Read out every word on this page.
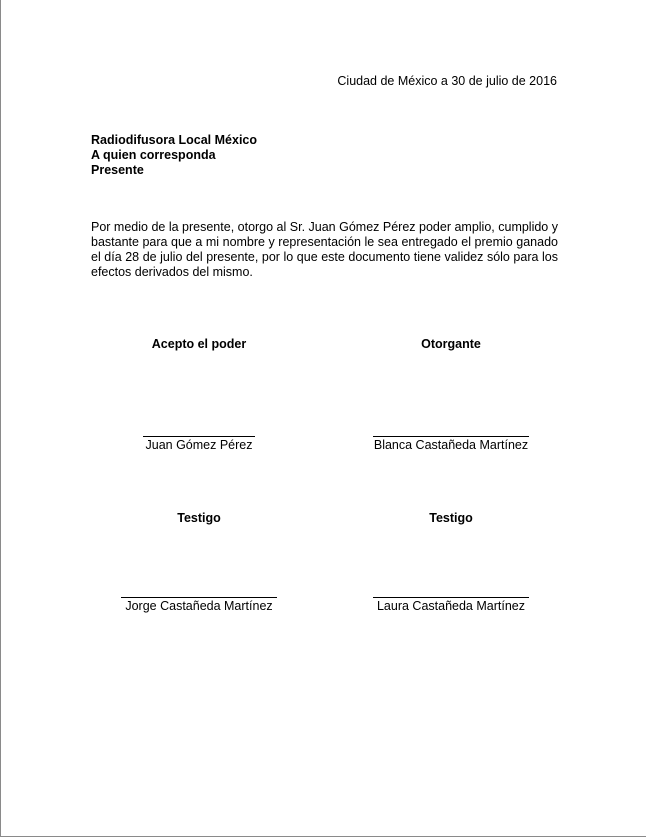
Ciudad de México a 30 de julio de 2016
Radiodifusora Local México
A quien corresponda
Presente
Por medio de la presente, otorgo al Sr. Juan Gómez Pérez poder amplio, cumplido y bastante para que a mi nombre y representación le sea entregado el premio ganado el día 28 de julio del presente, por lo que este documento tiene validez sólo para los efectos derivados del mismo.
Acepto el poder
Juan Gómez Pérez
Otorgante
Blanca Castañeda Martínez
Testigo
Jorge Castañeda Martínez
Testigo
Laura Castañeda Martínez
